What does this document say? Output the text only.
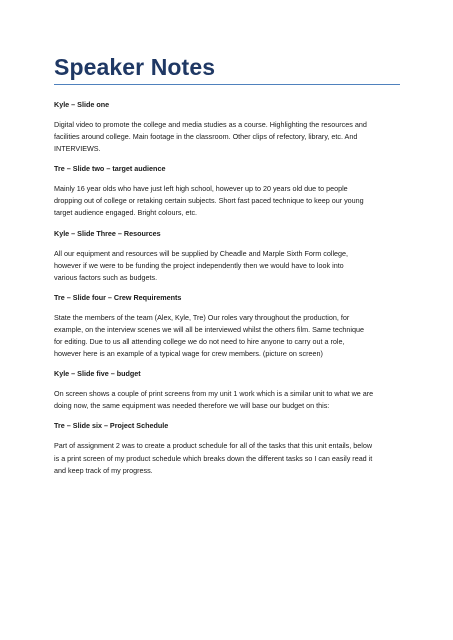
Speaker Notes

Kyle – Slide one

Digital video to promote the college and media studies as a course. Highlighting the resources and
facilities around college. Main footage in the classroom. Other clips of refectory, library, etc. And
INTERVIEWS.

Tre – Slide two – target audience

Mainly 16 year olds who have just left high school, however up to 20 years old due to people
dropping out of college or retaking certain subjects. Short fast paced technique to keep our young
target audience engaged. Bright colours, etc.

Kyle – Slide Three – Resources

All our equipment and resources will be supplied by Cheadle and Marple Sixth Form college,
however if we were to be funding the project independently then we would have to look into
various factors such as budgets.

Tre – Slide four – Crew Requirements

State the members of the team (Alex, Kyle, Tre) Our roles vary throughout the production, for
example, on the interview scenes we will all be interviewed whilst the others film. Same technique
for editing. Due to us all attending college we do not need to hire anyone to carry out a role,
however here is an example of a typical wage for crew members. (picture on screen)

Kyle – Slide five – budget

On screen shows a couple of print screens from my unit 1 work which is a similar unit to what we are
doing now, the same equipment was needed therefore we will base our budget on this:

Tre – Slide six – Project Schedule

Part of assignment 2 was to create a product schedule for all of the tasks that this unit entails, below
is a print screen of my product schedule which breaks down the different tasks so I can easily read it
and keep track of my progress.
